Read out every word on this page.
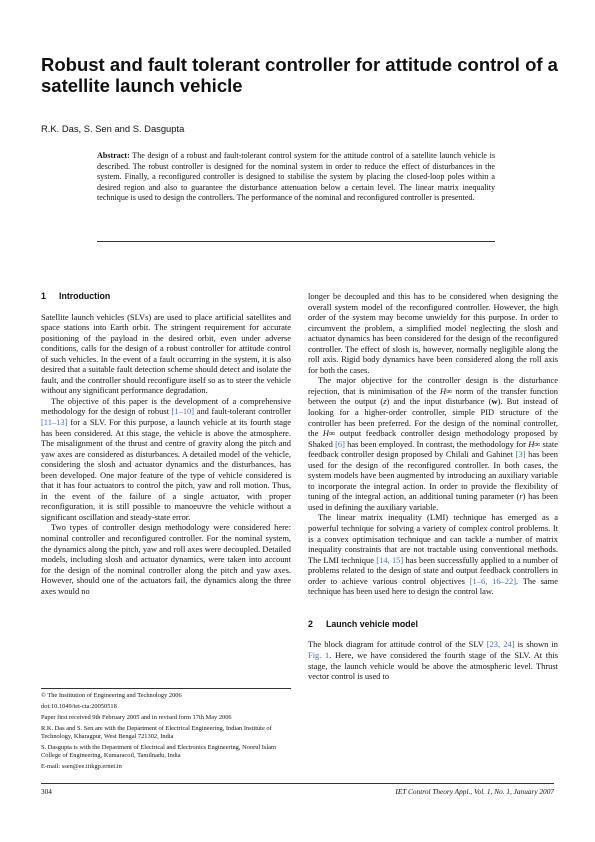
Robust and fault tolerant controller for attitude control of a satellite launch vehicle

R.K. Das, S. Sen and S. Dasgupta

Abstract: The design of a robust and fault-tolerant control system for the attitude control of a satellite launch vehicle is described. The robust controller is designed for the nominal system in order to reduce the effect of disturbances in the system. Finally, a reconfigured controller is designed to stabilise the system by placing the closed-loop poles within a desired region and also to guarantee the disturbance attenuation below a certain level. The linear matrix inequality technique is used to design the controllers. The performance of the nominal and reconfigured controller is presented.

1 Introduction

Satellite launch vehicles (SLVs) are used to place artificial satellites and space stations into Earth orbit. The stringent requirement for accurate positioning of the payload in the desired orbit, even under adverse conditions, calls for the design of a robust controller for attitude control of such vehicles. In the event of a fault occurring in the system, it is also desired that a suitable fault detection scheme should detect and isolate the fault, and the controller should reconfigure itself so as to steer the vehicle without any significant performance degradation.

The objective of this paper is the development of a comprehensive methodology for the design of robust [1–10] and fault-tolerant controller [11–13] for a SLV. For this purpose, a launch vehicle at its fourth stage has been considered. At this stage, the vehicle is above the atmosphere. The misalignment of the thrust and centre of gravity along the pitch and yaw axes are considered as disturbances. A detailed model of the vehicle, considering the slosh and actuator dynamics and the disturbances, has been developed. One major feature of the type of vehicle considered is that it has four actuators to control the pitch, yaw and roll motion. Thus, in the event of the failure of a single actuator, with proper reconfiguration, it is still possible to manoeuvre the vehicle without a significant oscillation and steady-state error.

Two types of controller design methodology were considered here: nominal controller and reconfigured controller. For the nominal system, the dynamics along the pitch, yaw and roll axes were decoupled. Detailed models, including slosh and actuator dynamics, were taken into account for the design of the nominal controller along the pitch and yaw axes. However, should one of the actuators fail, the dynamics along the three axes would no

© The Institution of Engineering and Technology 2006

doi:10.1049/iet-cta:20050518

Paper first received 9th February 2005 and in revised form 17th May 2006

R.K. Das and S. Sen are with the Department of Electrical Engineering, Indian Institute of Technology, Kharagpur, West Bengal 721302, India

S. Dasgupta is with the Department of Electrical and Electronics Engineering, Noorul Islam College of Engineering, Kumaracoil, Tamilnadu, India

E-mail: ssen@ee.iitkgp.ernet.in

longer be decoupled and this has to be considered when designing the overall system model of the reconfigured controller. However, the high order of the system may become unwieldy for this purpose. In order to circumvent the problem, a simplified model neglecting the slosh and actuator dynamics has been considered for the design of the reconfigured controller. The effect of slosh is, however, normally negligible along the roll axis. Rigid body dynamics have been considered along the roll axis for both the cases.

The major objective for the controller design is the disturbance rejection, that is minimisation of the H∞ norm of the transfer function between the output (z) and the input disturbance (w). But instead of looking for a higher-order controller, simple PID structure of the controller has been preferred. For the design of the nominal controller, the H∞ output feedback controller design methodology proposed by Shaked [6] has been employed. In contrast, the methodology for H∞ state feedback controller design proposed by Chilali and Gahinet [3] has been used for the design of the reconfigured controller. In both cases, the system models have been augmented by introducing an auxiliary variable to incorporate the integral action. In order to provide the flexibility of tuning of the integral action, an additional tuning parameter (r) has been used in defining the auxiliary variable.

The linear matrix inequality (LMI) technique has emerged as a powerful technique for solving a variety of complex control problems. It is a convex optimisation technique and can tackle a number of matrix inequality constraints that are not tractable using conventional methods. The LMI technique [14, 15] has been successfully applied to a number of problems related to the design of state and output feedback controllers in order to achieve various control objectives [1–6, 16–22]. The same technique has been used here to design the control law.

2 Launch vehicle model

The block diagram for attitude control of the SLV [23, 24] is shown in Fig. 1. Here, we have considered the fourth stage of the SLV. At this stage, the launch vehicle would be above the atmospheric level. Thrust vector control is used to

304	IET Control Theory Appl., Vol. 1, No. 1, January 2007
